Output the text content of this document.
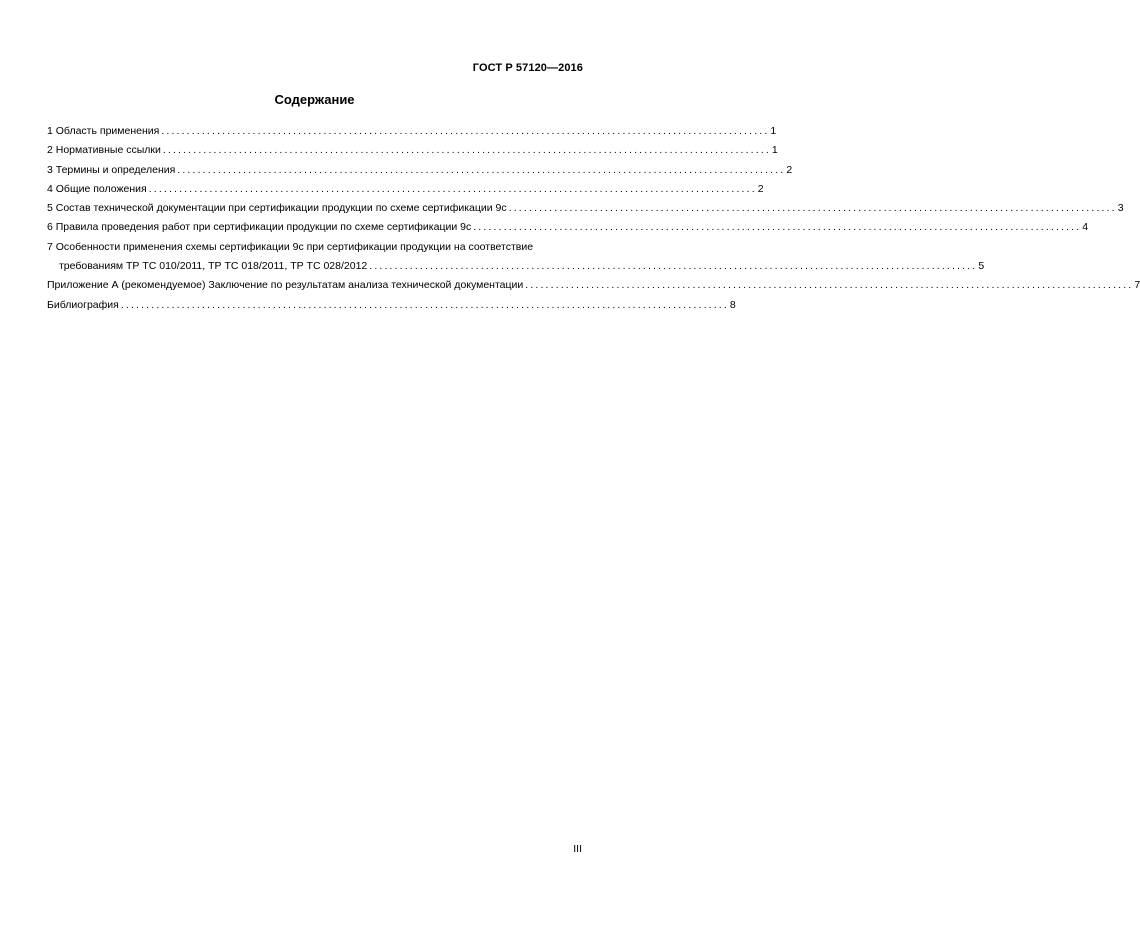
ГОСТ Р 57120—2016
Содержание
1 Область применения ........................................................................................................................ 1
2 Нормативные ссылки ........................................................................................................................ 1
3 Термины и определения ........................................................................................................................ 2
4 Общие положения ........................................................................................................................ 2
5 Состав технической документации при сертификации продукции по схеме сертификации 9с ........................................................................................................................ 3
6 Правила проведения работ при сертификации продукции по схеме сертификации 9с ........................................................................................................................ 4
7 Особенности применения схемы сертификации 9с при сертификации продукции на соответствие
требованиям ТР ТС 010/2011, ТР ТС 018/2011, ТР ТС 028/2012 ........................................................................................................................ 5
Приложение А (рекомендуемое) Заключение по результатам анализа технической документации ........................................................................................................................ 7
Библиография ........................................................................................................................ 8
III
